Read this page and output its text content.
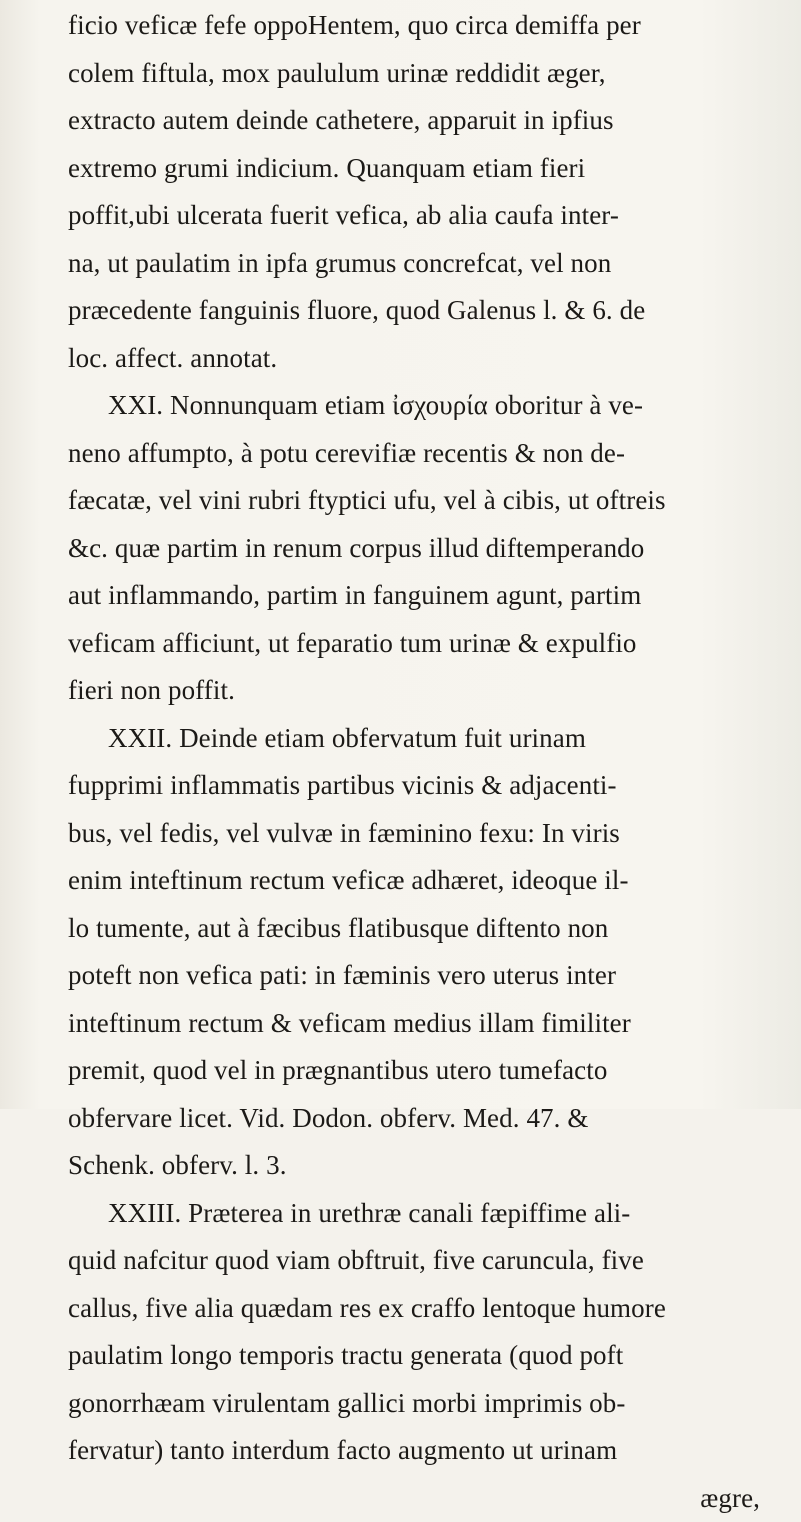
ficio veficæ fefe oppoHentem, quo circa demiffa per
colem fiftula, mox paululum urinæ reddidit æger,
extracto autem deinde cathetere, apparuit in ipfius
extremo grumi indicium. Quanquam etiam fieri
poffit,ubi ulcerata fuerit vefica, ab alia caufa inter-
na, ut paulatim in ipfa grumus concrefcat, vel non
præcedente fanguinis fluore, quod Galenus l. & 6. de
loc. affect. annotat.
XXI. Nonnunquam etiam ἰσχουρία oboritur à ve-
neno affumpto, à potu cerevifiæ recentis & non de-
fæcatæ, vel vini rubri ftyptici ufu, vel à cibis, ut oftreis
&c. quæ partim in renum corpus illud diftemperando
aut inflammando, partim in fanguinem agunt, partim
veficam afficiunt, ut feparatio tum urinæ & expulfio
fieri non poffit.
XXII. Deinde etiam obfervatum fuit urinam
fupprimi inflammatis partibus vicinis & adjacenti-
bus, vel fedis, vel vulvæ in fæminino fexu: In viris
enim inteftinum rectum veficæ adhæret, ideoque il-
lo tumente, aut à fæcibus flatibusque diftento non
poteft non vefica pati: in fæminis vero uterus inter
inteftinum rectum & veficam medius illam fimiliter
premit, quod vel in prægnantibus utero tumefacto
obfervare licet. Vid. Dodon. obferv. Med. 47. &
Schenk. obferv. l. 3.
XXIII. Præterea in urethræ canali fæpiffime ali-
quid nafcitur quod viam obftruit, five caruncula, five
callus, five alia quædam res ex craffo lentoque humore
paulatim longo temporis tractu generata (quod poft
gonorrhæam virulentam gallici morbi imprimis ob-
fervatur) tanto interdum facto augmento ut urinam
ægre,
